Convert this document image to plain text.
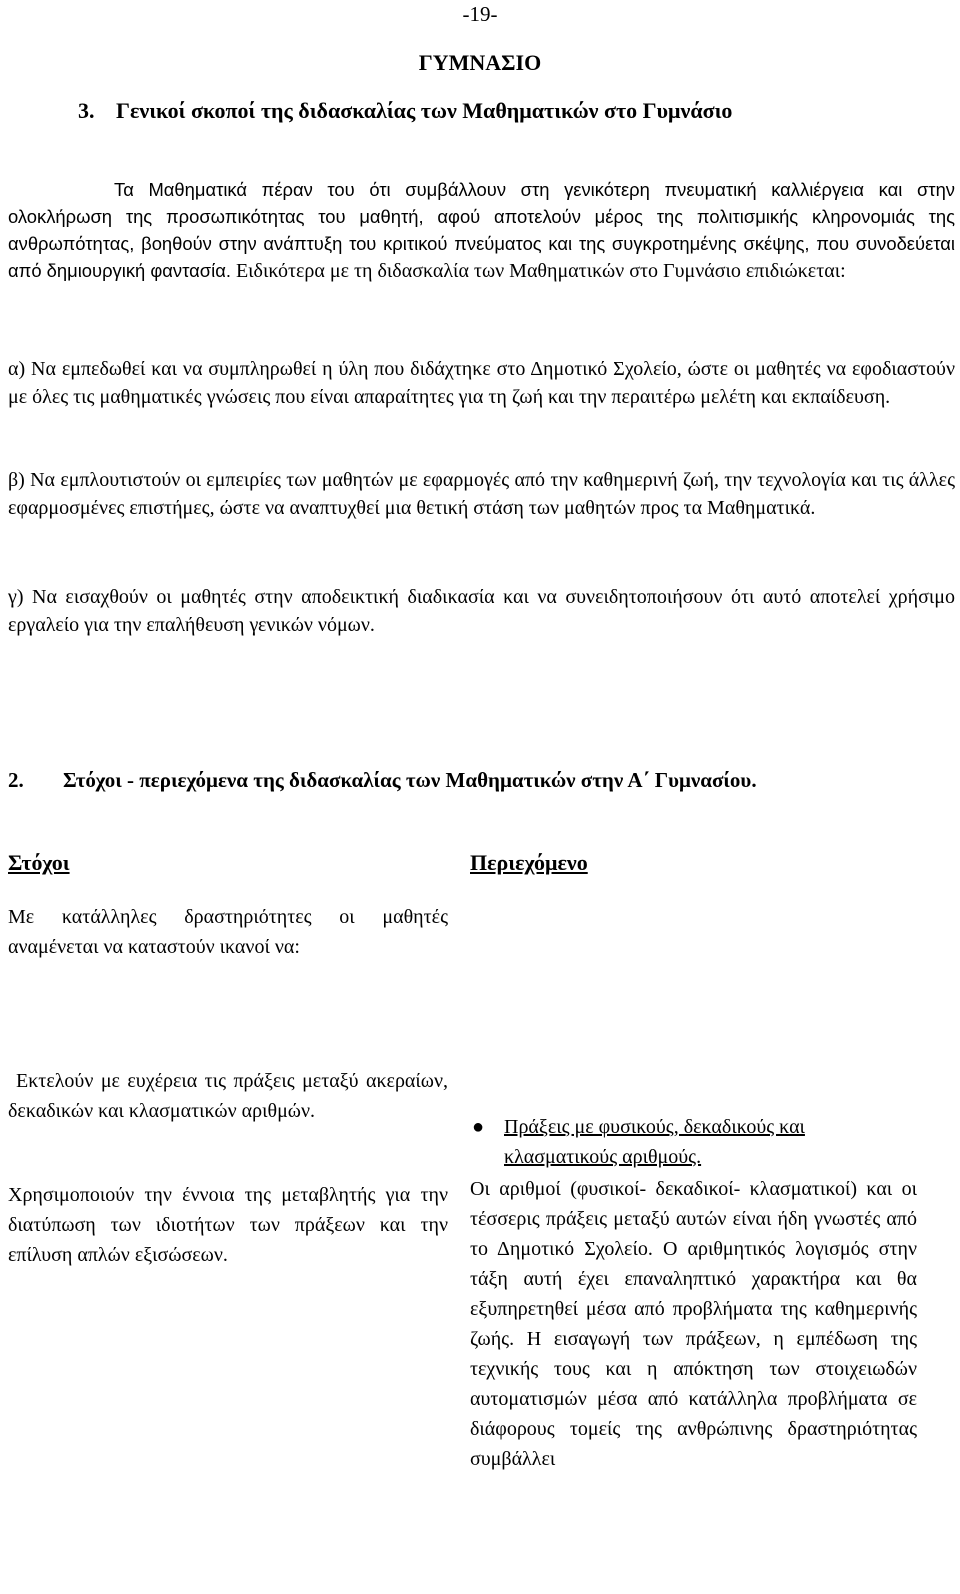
-19-
ΓΥΜΝΑΣΙΟ
3. Γενικοί σκοποί της διδασκαλίας των Μαθηματικών στο Γυμνάσιο
Τα Μαθηματικά πέραν του ότι συμβάλλουν στη γενικότερη πνευματική καλλιέργεια και στην ολοκλήρωση της προσωπικότητας του μαθητή, αφού αποτελούν μέρος της πολιτισμικής κληρονομιάς της ανθρωπότητας, βοηθούν στην ανάπτυξη του κριτικού πνεύματος και της συγκροτημένης σκέψης, που συνοδεύεται από δημιουργική φαντασία. Ειδικότερα με τη διδασκαλία των Μαθηματικών στο Γυμνάσιο επιδιώκεται:
α) Να εμπεδωθεί και να συμπληρωθεί η ύλη που διδάχτηκε στο Δημοτικό Σχολείο, ώστε οι μαθητές να εφοδιαστούν με όλες τις μαθηματικές γνώσεις που είναι απαραίτητες για τη ζωή και την περαιτέρω μελέτη και εκπαίδευση.
β) Να εμπλουτιστούν οι εμπειρίες των μαθητών με εφαρμογές από την καθημερινή ζωή, την τεχνολογία και τις άλλες εφαρμοσμένες επιστήμες, ώστε να αναπτυχθεί μια θετική στάση των μαθητών προς τα Μαθηματικά.
γ) Να εισαχθούν οι μαθητές στην αποδεικτική διαδικασία και να συνειδητοποιήσουν ότι αυτό αποτελεί χρήσιμο εργαλείο για την επαλήθευση γενικών νόμων.
2. Στόχοι - περιεχόμενα της διδασκαλίας των Μαθηματικών στην Α΄ Γυμνασίου.
Στόχοι	Περιεχόμενο
Με κατάλληλες δραστηριότητες οι μαθητές αναμένεται να καταστούν ικανοί να:
Εκτελούν με ευχέρεια τις πράξεις μεταξύ ακεραίων, δεκαδικών και κλασματικών αριθμών.
Χρησιμοποιούν την έννοια της μεταβλητής για την διατύπωση των ιδιοτήτων των πράξεων και την επίλυση απλών εξισώσεων.
● Πράξεις με φυσικούς, δεκαδικούς και κλασματικούς αριθμούς.
Οι αριθμοί (φυσικοί- δεκαδικοί- κλασματικοί) και οι τέσσερις πράξεις μεταξύ αυτών είναι ήδη γνωστές από το Δημοτικό Σχολείο. Ο αριθμητικός λογισμός στην τάξη αυτή έχει επαναληπτικό χαρακτήρα και θα εξυπηρετηθεί μέσα από προβλήματα της καθημερινής ζωής. Η εισαγωγή των πράξεων, η εμπέδωση της τεχνικής τους και η απόκτηση των στοιχειωδών αυτοματισμών μέσα από κατάλληλα προβλήματα σε διάφορους τομείς της ανθρώπινης δραστηριότητας συμβάλλει
